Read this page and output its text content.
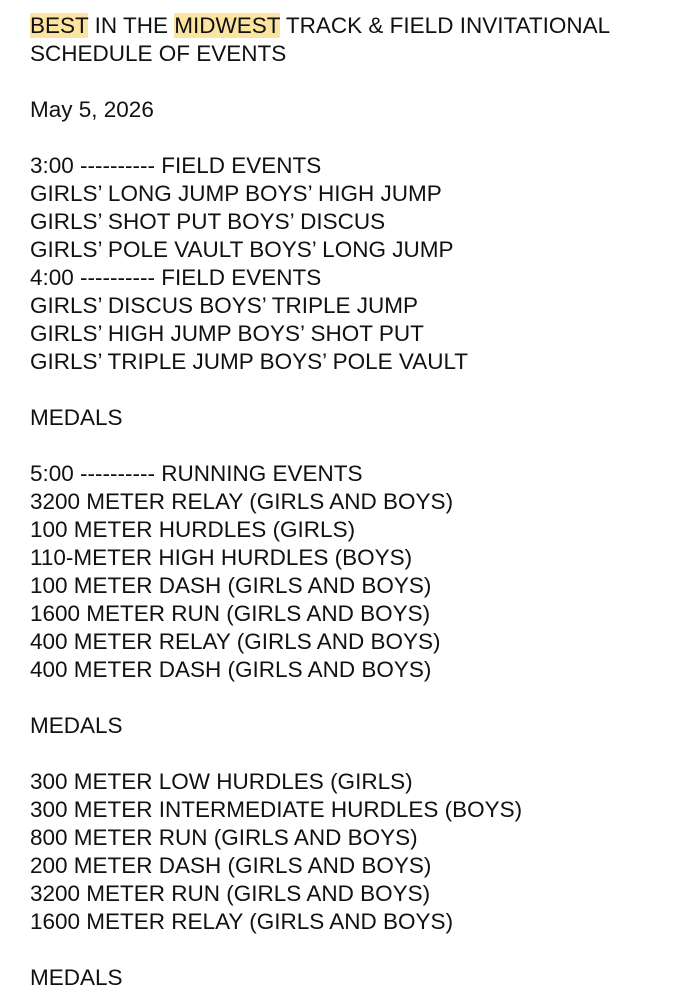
BEST IN THE MIDWEST TRACK & FIELD INVITATIONAL
SCHEDULE OF EVENTS
May 5, 2026
3:00 ---------- FIELD EVENTS
GIRLS’ LONG JUMP BOYS’ HIGH JUMP
GIRLS’ SHOT PUT BOYS’ DISCUS
GIRLS’ POLE VAULT BOYS’ LONG JUMP
4:00 ---------- FIELD EVENTS
GIRLS’ DISCUS BOYS’ TRIPLE JUMP
GIRLS’ HIGH JUMP BOYS’ SHOT PUT
GIRLS’ TRIPLE JUMP BOYS’ POLE VAULT
MEDALS
5:00 ---------- RUNNING EVENTS
3200 METER RELAY (GIRLS AND BOYS)
100 METER HURDLES (GIRLS)
110-METER HIGH HURDLES (BOYS)
100 METER DASH (GIRLS AND BOYS)
1600 METER RUN (GIRLS AND BOYS)
400 METER RELAY (GIRLS AND BOYS)
400 METER DASH (GIRLS AND BOYS)
MEDALS
300 METER LOW HURDLES (GIRLS)
300 METER INTERMEDIATE HURDLES (BOYS)
800 METER RUN (GIRLS AND BOYS)
200 METER DASH (GIRLS AND BOYS)
3200 METER RUN (GIRLS AND BOYS)
1600 METER RELAY (GIRLS AND BOYS)
MEDALS
